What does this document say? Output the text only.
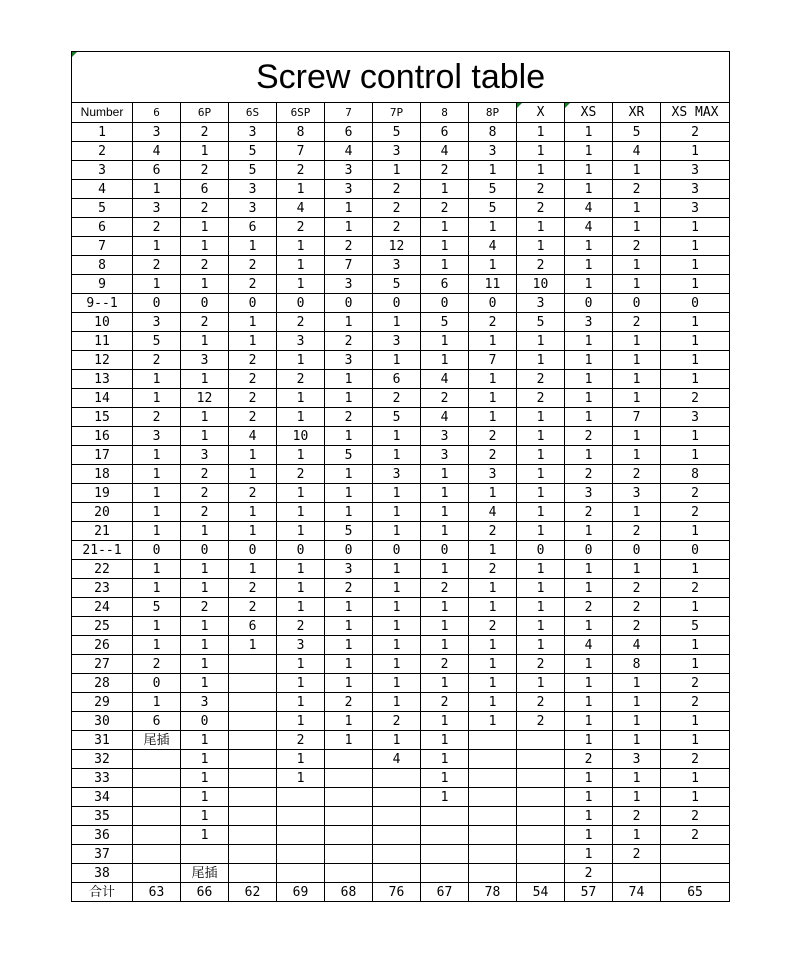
Screw control table												
Number	6	6P	6S	6SP	7	7P	8	8P	X	XS	XR	XS MAX
1	3	2	3	8	6	5	6	8	1	1	5	2
2	4	1	5	7	4	3	4	3	1	1	4	1
3	6	2	5	2	3	1	2	1	1	1	1	3
4	1	6	3	1	3	2	1	5	2	1	2	3
5	3	2	3	4	1	2	2	5	2	4	1	3
6	2	1	6	2	1	2	1	1	1	4	1	1
7	1	1	1	1	2	12	1	4	1	1	2	1
8	2	2	2	1	7	3	1	1	2	1	1	1
9	1	1	2	1	3	5	6	11	10	1	1	1
9--1	0	0	0	0	0	0	0	0	3	0	0	0
10	3	2	1	2	1	1	5	2	5	3	2	1
11	5	1	1	3	2	3	1	1	1	1	1	1
12	2	3	2	1	3	1	1	7	1	1	1	1
13	1	1	2	2	1	6	4	1	2	1	1	1
14	1	12	2	1	1	2	2	1	2	1	1	2
15	2	1	2	1	2	5	4	1	1	1	7	3
16	3	1	4	10	1	1	3	2	1	2	1	1
17	1	3	1	1	5	1	3	2	1	1	1	1
18	1	2	1	2	1	3	1	3	1	2	2	8
19	1	2	2	1	1	1	1	1	1	3	3	2
20	1	2	1	1	1	1	1	4	1	2	1	2
21	1	1	1	1	5	1	1	2	1	1	2	1
21--1	0	0	0	0	0	0	0	1	0	0	0	0
22	1	1	1	1	3	1	1	2	1	1	1	1
23	1	1	2	1	2	1	2	1	1	1	2	2
24	5	2	2	1	1	1	1	1	1	2	2	1
25	1	1	6	2	1	1	1	2	1	1	2	5
26	1	1	1	3	1	1	1	1	1	4	4	1
27	2	1		1	1	1	2	1	2	1	8	1
28	0	1		1	1	1	1	1	1	1	1	2
29	1	3		1	2	1	2	1	2	1	1	2
30	6	0		1	1	2	1	1	2	1	1	1
31	尾插	1		2	1	1	1			1	1	1
32		1		1		4	1			2	3	2
33		1		1			1			1	1	1
34		1					1			1	1	1
35		1								1	2	2
36		1								1	1	2
37										1	2	
38		尾插								2		
合计	63	66	62	69	68	76	67	78	54	57	74	65
